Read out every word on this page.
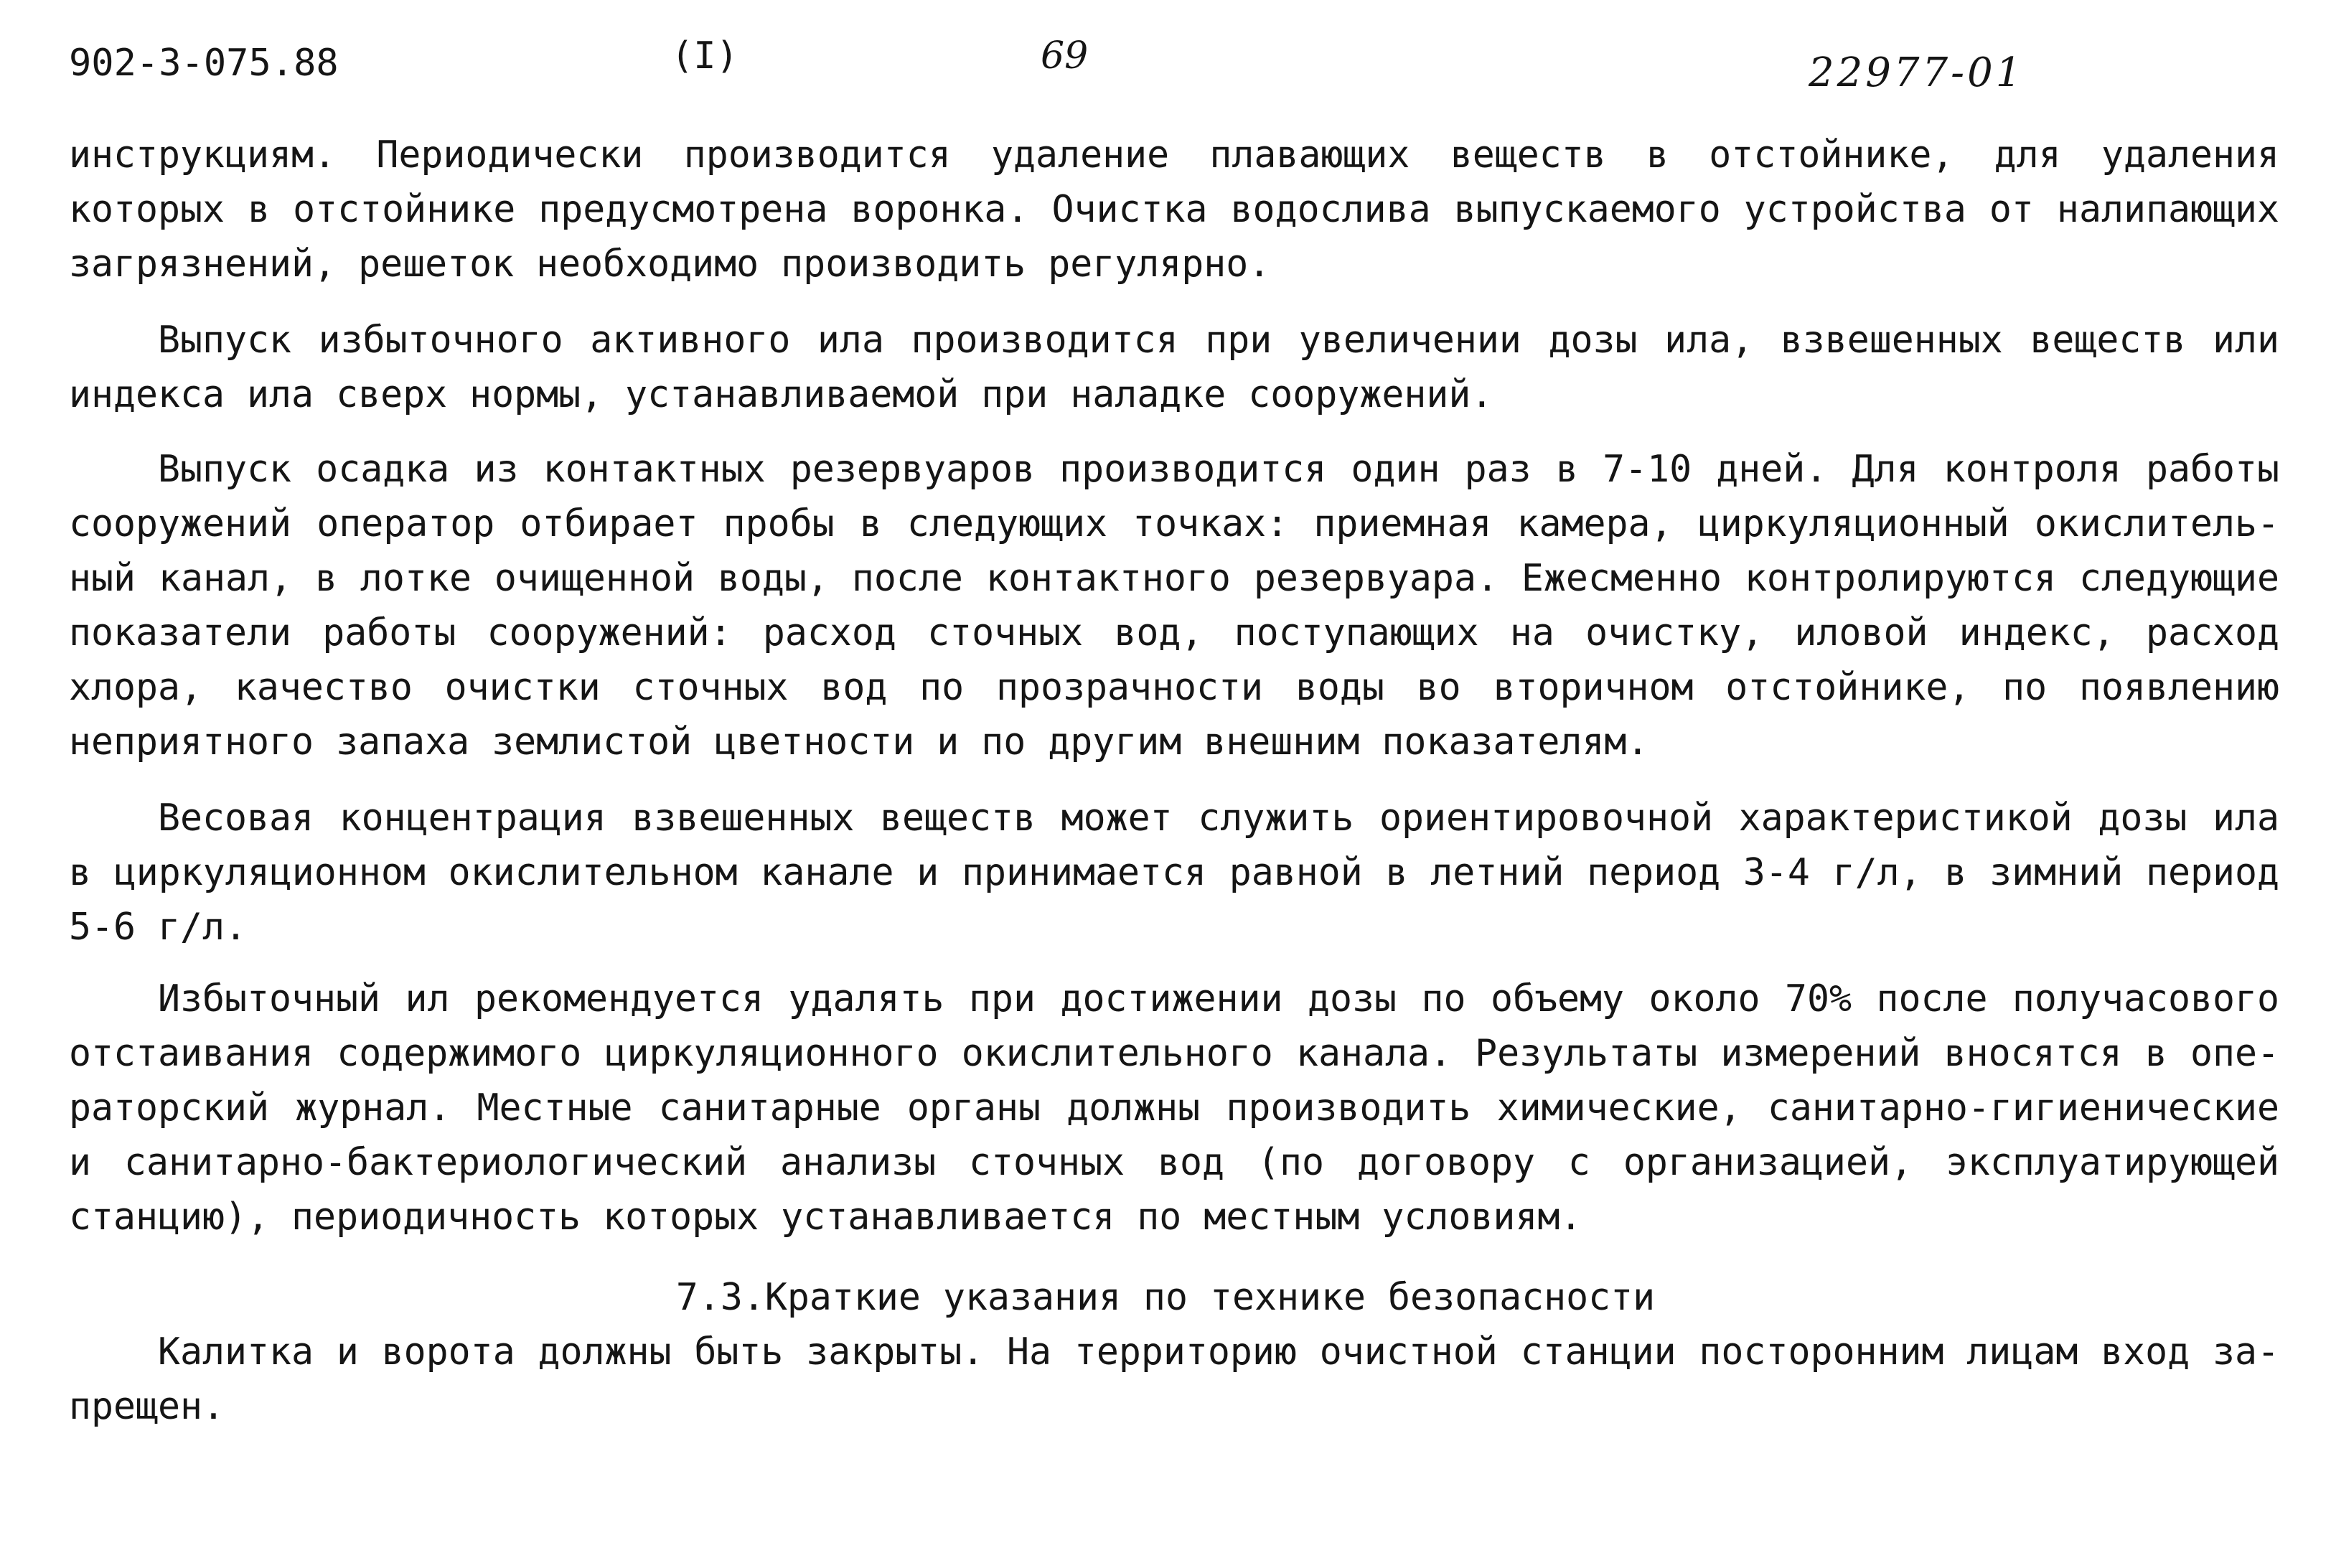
902-3-075.88	(I)	69	22977-01

инструкциям. Периодически производится удаление плавающих веществ в отстойнике, для удаления которых в отстойнике предусмотрена воронка. Очистка водослива выпускаемого устройства от налипающих загрязнений, решеток необходимо производить регулярно.

Выпуск избыточного активного ила производится при увеличении дозы ила, взвешенных веществ или индекса ила сверх нормы, устанавливаемой при наладке сооружений.

Выпуск осадка из контактных резервуаров производится один раз в 7-10 дней. Для контроля работы сооружений оператор отбирает пробы в следующих точках: приемная камера, циркуляционный окислительный канал, в лотке очищенной воды, после контактного резервуара. Ежесменно контролируются следующие показатели работы сооружений: расход сточных вод, поступающих на очистку, иловой индекс, расход хлора, качество очистки сточных вод по прозрачности воды во вторичном отстойнике, по появлению неприятного запаха землистой цветности и по другим внешним показателям.

Весовая концентрация взвешенных веществ может служить ориентировочной характеристикой дозы ила в циркуляционном окислительном канале и принимается равной в летний период 3-4 г/л, в зимний период 5-6 г/л.

Избыточный ил рекомендуется удалять при достижении дозы по объему около 70% после получасового отстаивания содержимого циркуляционного окислительного канала. Результаты измерений вносятся в операторский журнал. Местные санитарные органы должны производить химические, санитарно-гигиенические и санитарно-бактериологический анализы сточных вод (по договору с организацией, эксплуатирующей станцию), периодичность которых устанавливается по местным условиям.

7.3.Краткие указания по технике безопасности

Калитка и ворота должны быть закрыты. На территорию очистной станции посторонним лицам вход запрещен.
